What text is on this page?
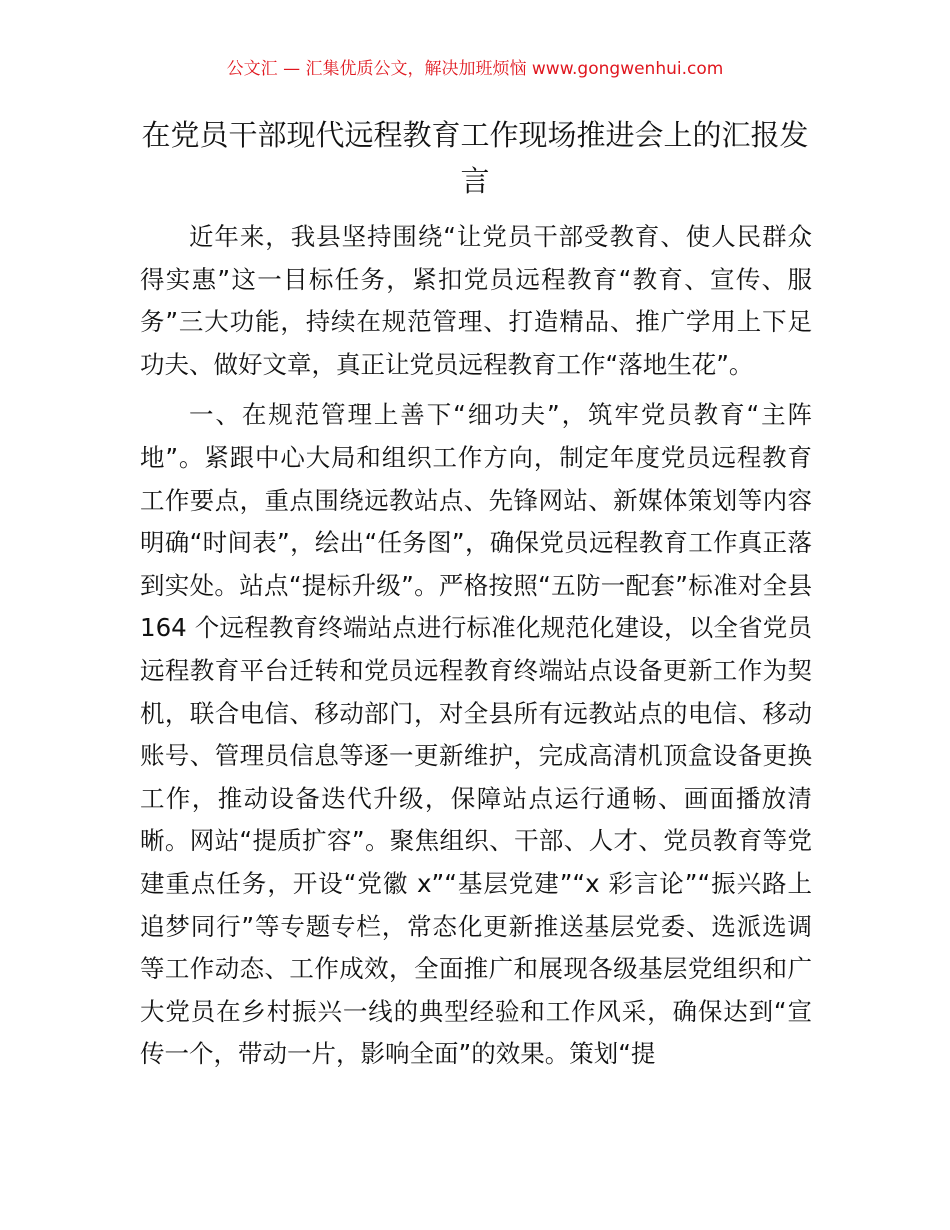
公文汇 — 汇集优质公文，解决加班烦恼 www.gongwenhui.com
在党员干部现代远程教育工作现场推进会上的汇报发言

近年来，我县坚持围绕“让党员干部受教育、使人民群众得实惠”这一目标任务，紧扣党员远程教育“教育、宣传、服务”三大功能，持续在规范管理、打造精品、推广学用上下足功夫、做好文章，真正让党员远程教育工作“落地生花”。

一、在规范管理上善下“细功夫”，筑牢党员教育“主阵地”。紧跟中心大局和组织工作方向，制定年度党员远程教育工作要点，重点围绕远教站点、先锋网站、新媒体策划等内容明确“时间表”，绘出“任务图”，确保党员远程教育工作真正落到实处。站点“提标升级”。严格按照“五防一配套”标准对全县 164 个远程教育终端站点进行标准化规范化建设，以全省党员远程教育平台迁转和党员远程教育终端站点设备更新工作为契机，联合电信、移动部门，对全县所有远教站点的电信、移动账号、管理员信息等逐一更新维护，完成高清机顶盒设备更换工作，推动设备迭代升级，保障站点运行通畅、画面播放清晰。网站“提质扩容”。聚焦组织、干部、人才、党员教育等党建重点任务，开设“党徽 x”“基层党建”“x 彩言论”“振兴路上追梦同行”等专题专栏，常态化更新推送基层党委、选派选调等工作动态、工作成效，全面推广和展现各级基层党组织和广大党员在乡村振兴一线的典型经验和工作风采，确保达到“宣传一个，带动一片，影响全面”的效果。策划“提
